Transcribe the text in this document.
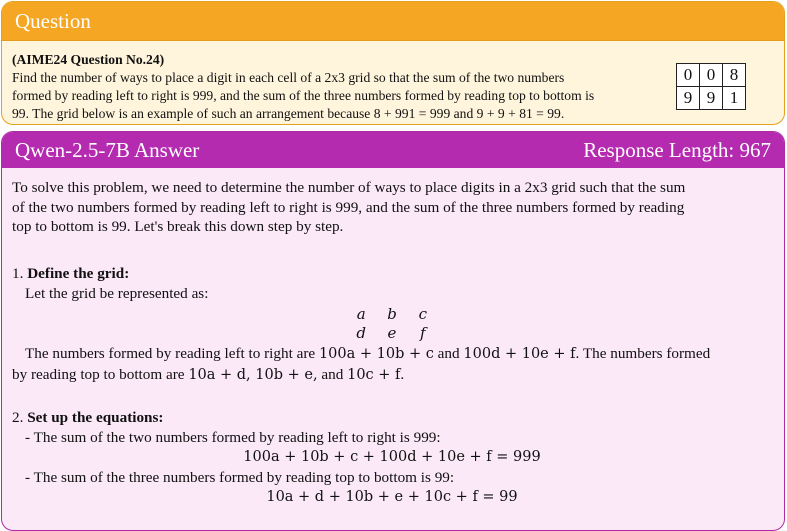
Question
(AIME24 Question No.24)
Find the number of ways to place a digit in each cell of a 2x3 grid so that the sum of the two numbers
formed by reading left to right is 999, and the sum of the three numbers formed by reading top to bottom is
99. The grid below is an example of such an arrangement because 8 + 991 = 999 and 9 + 9 + 81 = 99.
0	0	8
9	9	1
Qwen-2.5-7B Answer	Response Length: 967
To solve this problem, we need to determine the number of ways to place digits in a 2x3 grid such that the sum
of the two numbers formed by reading left to right is 999, and the sum of the three numbers formed by reading
top to bottom is 99. Let's break this down step by step.
1. Define the grid:
Let the grid be represented as:
a b c
d e f
The numbers formed by reading left to right are 100a + 10b + c and 100d + 10e + f. The numbers formed
by reading top to bottom are 10a + d, 10b + e, and 10c + f.
2. Set up the equations:
- The sum of the two numbers formed by reading left to right is 999:
100a + 10b + c + 100d + 10e + f = 999
- The sum of the three numbers formed by reading top to bottom is 99:
10a + d + 10b + e + 10c + f = 99
